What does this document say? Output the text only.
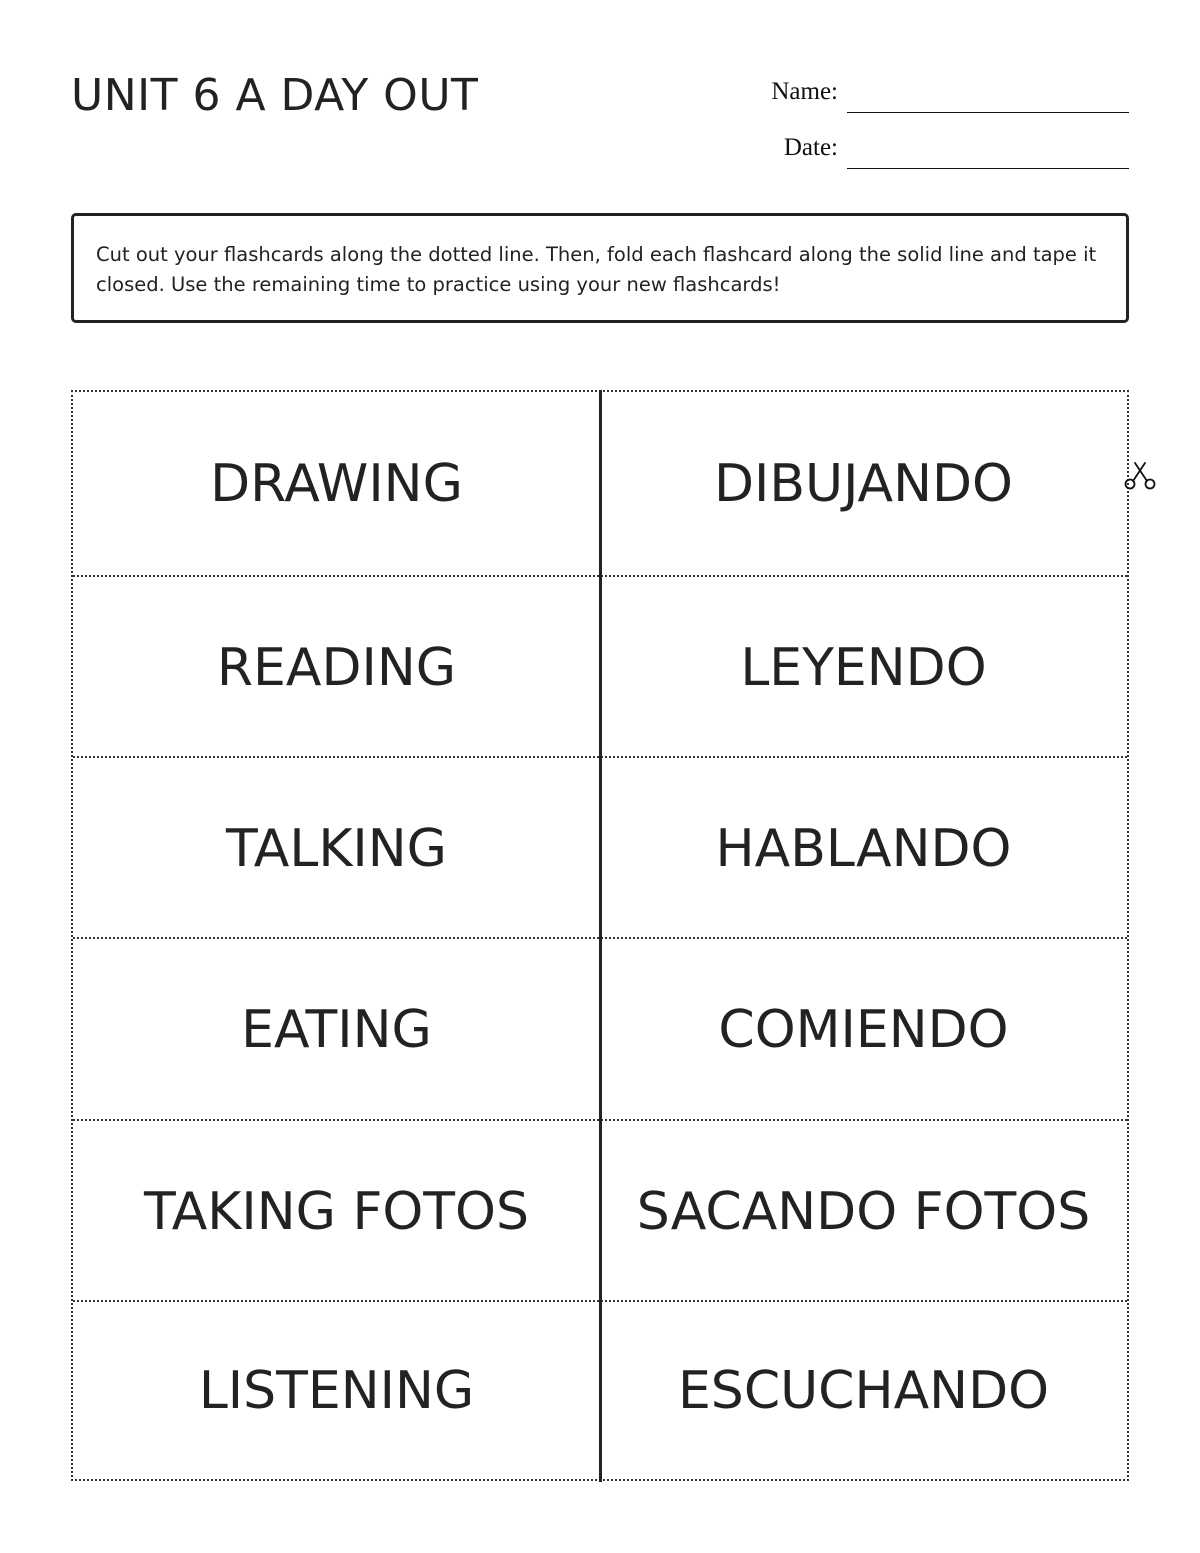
UNIT 6 A DAY OUT	Name:
Date:
Cut out your flashcards along the dotted line. Then, fold each flashcard along the solid line and tape it closed. Use the remaining time to practice using your new flashcards!
DRAWING	DIBUJANDO
READING	LEYENDO
TALKING	HABLANDO
EATING	COMIENDO
TAKING FOTOS	SACANDO FOTOS
LISTENING	ESCUCHANDO
